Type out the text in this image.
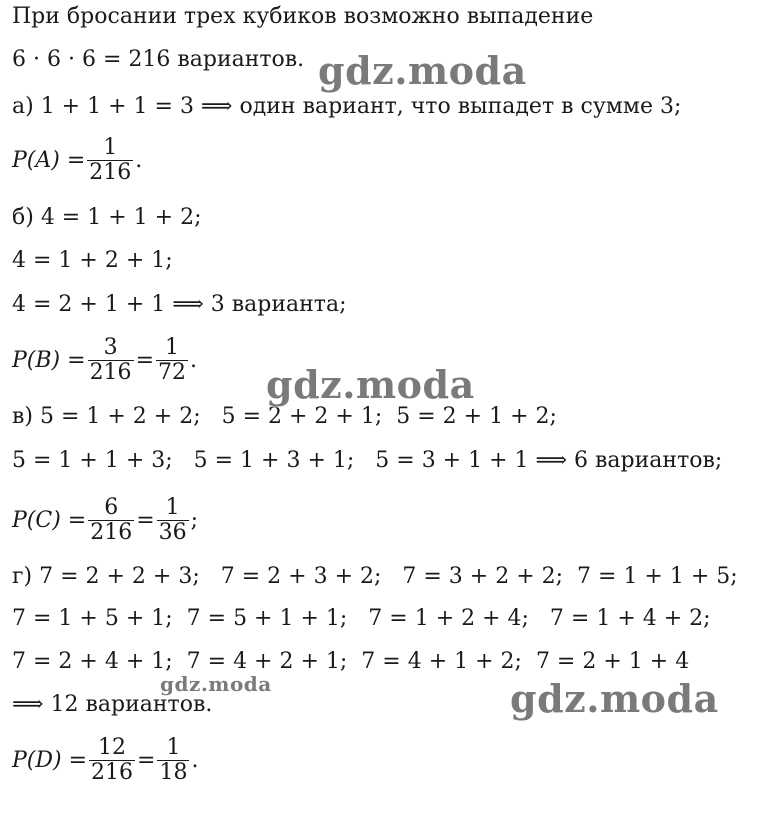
При бросании трех кубиков возможно выпадение
6 · 6 · 6 = 216 вариантов.
а) 1 + 1 + 1 = 3 ⟹ один вариант, что выпадет в сумме 3;
$P(A) = \frac{1}{216}$ .
б) 4 = 1 + 1 + 2;
4 = 1 + 2 + 1;
4 = 2 + 1 + 1 ⟹ 3 варианта;
$P(B) = \frac{3}{216} = \frac{1}{72}$ .
в) 5 = 1 + 2 + 2;   5 = 2 + 2 + 1;  5 = 2 + 1 + 2;
5 = 1 + 1 + 3;   5 = 1 + 3 + 1;   5 = 3 + 1 + 1 ⟹ 6 вариантов;
$P(C) = \frac{6}{216} = \frac{1}{36}$ ;
г) 7 = 2 + 2 + 3;   7 = 2 + 3 + 2;   7 = 3 + 2 + 2;  7 = 1 + 1 + 5;
7 = 1 + 5 + 1;  7 = 5 + 1 + 1;   7 = 1 + 2 + 4;   7 = 1 + 4 + 2;
7 = 2 + 4 + 1;  7 = 4 + 2 + 1;  7 = 4 + 1 + 2;  7 = 2 + 1 + 4
⟹ 12 вариантов.
$P(D) = \frac{12}{216} = \frac{1}{18}$ .
gdz.moda
gdz.moda
gdz.moda	gdz.moda
